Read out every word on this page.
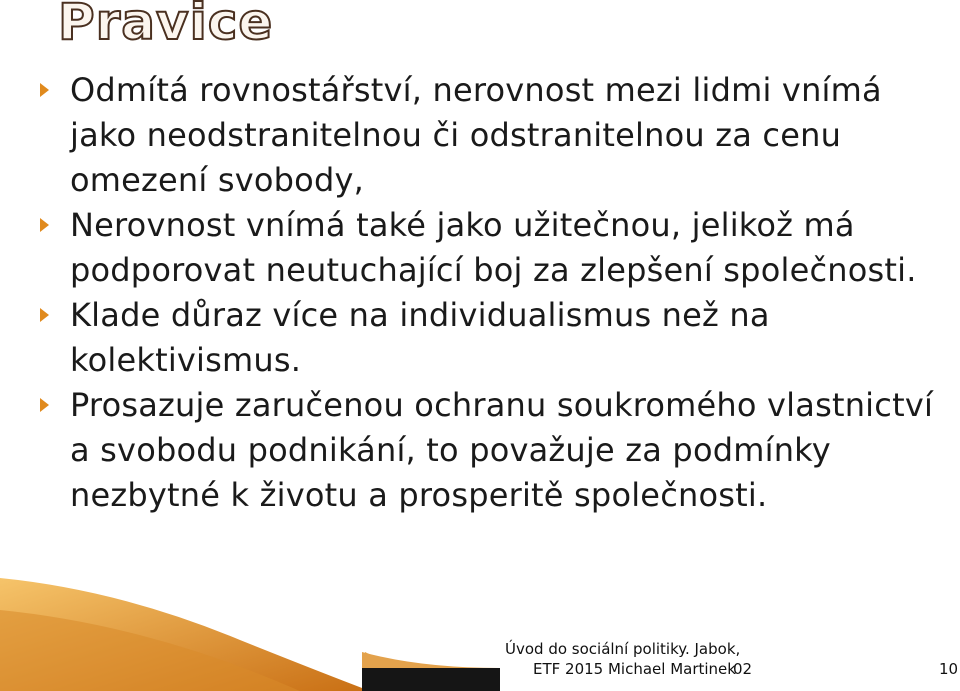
Pravice
Odmítá rovnostářství, nerovnost mezi lidmi vnímá jako neodstranitelnou či odstranitelnou za cenu omezení svobody,
Nerovnost vnímá také jako užitečnou, jelikož má podporovat neutuchající boj za zlepšení společnosti.
Klade důraz více na individualismus než na kolektivismus.
Prosazuje zaručenou ochranu soukromého vlastnictví a svobodu podnikání, to považuje za podmínky nezbytné k životu a prosperitě společnosti.
Úvod do sociální politiky. Jabok,
ETF 2015 Michael Martinek
02	10
